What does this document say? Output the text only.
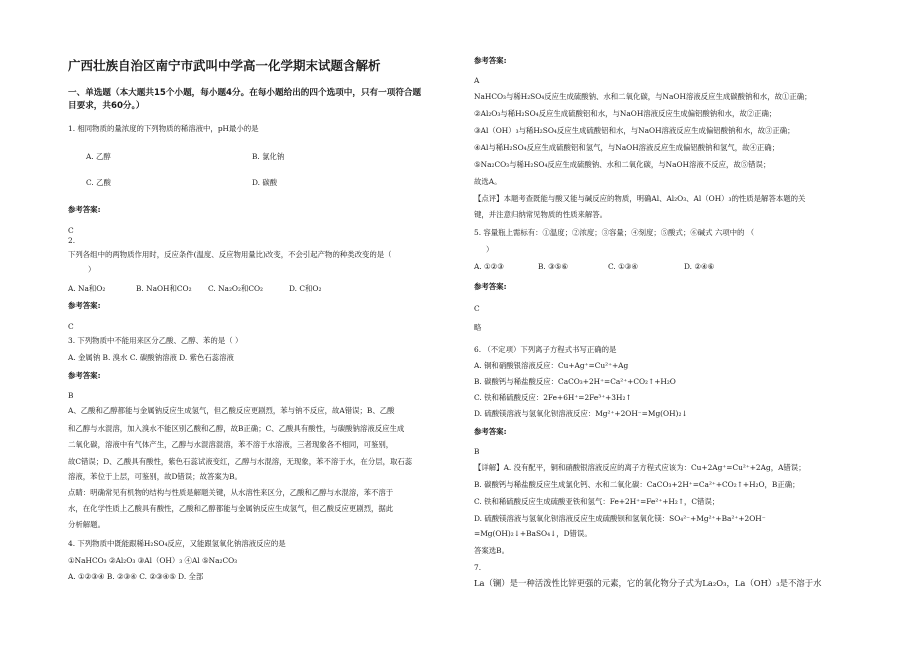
广西壮族自治区南宁市武叫中学高一化学期末试题含解析
一、单选题（本大题共15个小题，每小题4分。在每小题给出的四个选项中，只有一项符合题
目要求，共60分。）
1. 相同物质的量浓度的下列物质的稀溶液中，pH最小的是
A. 乙醇	B. 氯化钠
C. 乙酸	D. 碳酸
参考答案:
C
2.
下列各组中的两物质作用时，反应条件(温度、反应物用量比)改变，不会引起产物的种类改变的是（
）
A. Na和O₂	B. NaOH和CO₂ C. Na₂O₂和CO₂	D. C和O₂
参考答案:
C
3. 下列物质中不能用来区分乙酸、乙醇、苯的是（ ）
A. 金属钠 B. 溴水 C. 碳酸钠溶液 D. 紫色石蕊溶液
参考答案:
B
A、乙酸和乙醇都能与金属钠反应生成氢气，但乙酸反应更剧烈，苯与钠不反应，故A错误；B、乙酸
和乙醇与水混溶，加入溴水不能区别乙酸和乙醇，故B正确；C、乙酸具有酸性，与碳酸钠溶液反应生成
二氧化碳，溶液中有气体产生，乙醇与水混溶混溶，苯不溶于水溶液，三者现象各不相同，可鉴别，
故C错误；D、乙酸具有酸性，紫色石蕊试液变红，乙醇与水混溶，无现象，苯不溶于水，在分层，取石蕊
溶液，苯位于上层，可鉴别，故D错误；故答案为B。
点睛：明确常见有机物的结构与性质是解题关键，从水溶性来区分，乙酸和乙醇与水混溶，苯不溶于
水，在化学性质上乙酸具有酸性，乙酸和乙醇都能与金属钠反应生成氢气，但乙酸反应更剧烈，据此
分析解题。
4. 下列物质中既能跟稀H₂SO₄反应，又能跟氢氧化钠溶液反应的是
①NaHCO₃ ②Al₂O₃ ③Al（OH）₃ ④Al ⑤Na₂CO₃
A. ①②③④ B. ②③④ C. ②③④⑤ D. 全部
参考答案:
A
NaHCO₃与稀H₂SO₄反应生成硫酸钠、水和二氧化碳，与NaOH溶液反应生成碳酸钠和水，故①正确；
②Al₂O₃与稀H₂SO₄反应生成硫酸铝和水，与NaOH溶液反应生成偏铝酸钠和水，故②正确；
③Al（OH）₃与稀H₂SO₄反应生成硫酸铝和水，与NaOH溶液反应生成偏铝酸钠和水，故③正确；
④Al与稀H₂SO₄反应生成硫酸铝和氢气，与NaOH溶液反应生成偏铝酸钠和氢气，故④正确；
⑤Na₂CO₃与稀H₂SO₄反应生成硫酸钠、水和二氧化碳，与NaOH溶液不反应，故⑤错误；
故选A。
【点评】本题考查既能与酸又能与碱反应的物质，明确Al、Al₂O₃、Al（OH）₃的性质是解答本题的关
键，并注意归纳常见物质的性质来解答。
5. 容量瓶上需标有：①温度；②浓度；③容量；④刻度；⑤酸式；⑥碱式 六项中的 （
）
A. ①②③	B. ③⑤⑥	C. ①③④	D. ②④⑥
参考答案:
C
略
6. （不定项）下列离子方程式书写正确的是
A. 铜和硝酸银溶液反应：Cu+Ag⁺=Cu²⁺+Ag
B. 碳酸钙与稀盐酸反应：CaCO₃+2H⁺=Ca²⁺+CO₂↑+H₂O
C. 铁和稀硫酸反应：2Fe+6H⁺=2Fe³⁺+3H₂↑
D. 硫酸镁溶液与氢氧化钡溶液反应：Mg²⁺+2OH⁻=Mg(OH)₂↓
参考答案:
B
【详解】A. 没有配平，铜和硝酸银溶液反应的离子方程式应该为：Cu+2Ag⁺=Cu²⁺+2Ag，A错误；
B. 碳酸钙与稀盐酸反应生成氯化钙、水和二氧化碳：CaCO₃+2H⁺=Ca²⁺+CO₂↑+H₂O，B正确；
C. 铁和稀硫酸反应生成硫酸亚铁和氢气：Fe+2H⁺=Fe²⁺+H₂↑，C错误；
D. 硫酸镁溶液与氢氧化钡溶液反应生成硫酸钡和氢氧化镁：SO₄²⁻+Mg²⁺+Ba²⁺+2OH⁻
=Mg(OH)₂↓+BaSO₄↓，D错误。
答案选B。
7.
La（镧）是一种活泼性比锌更强的元素，它的氧化物分子式为La₂O₃，La（OH）₃是不溶于水
